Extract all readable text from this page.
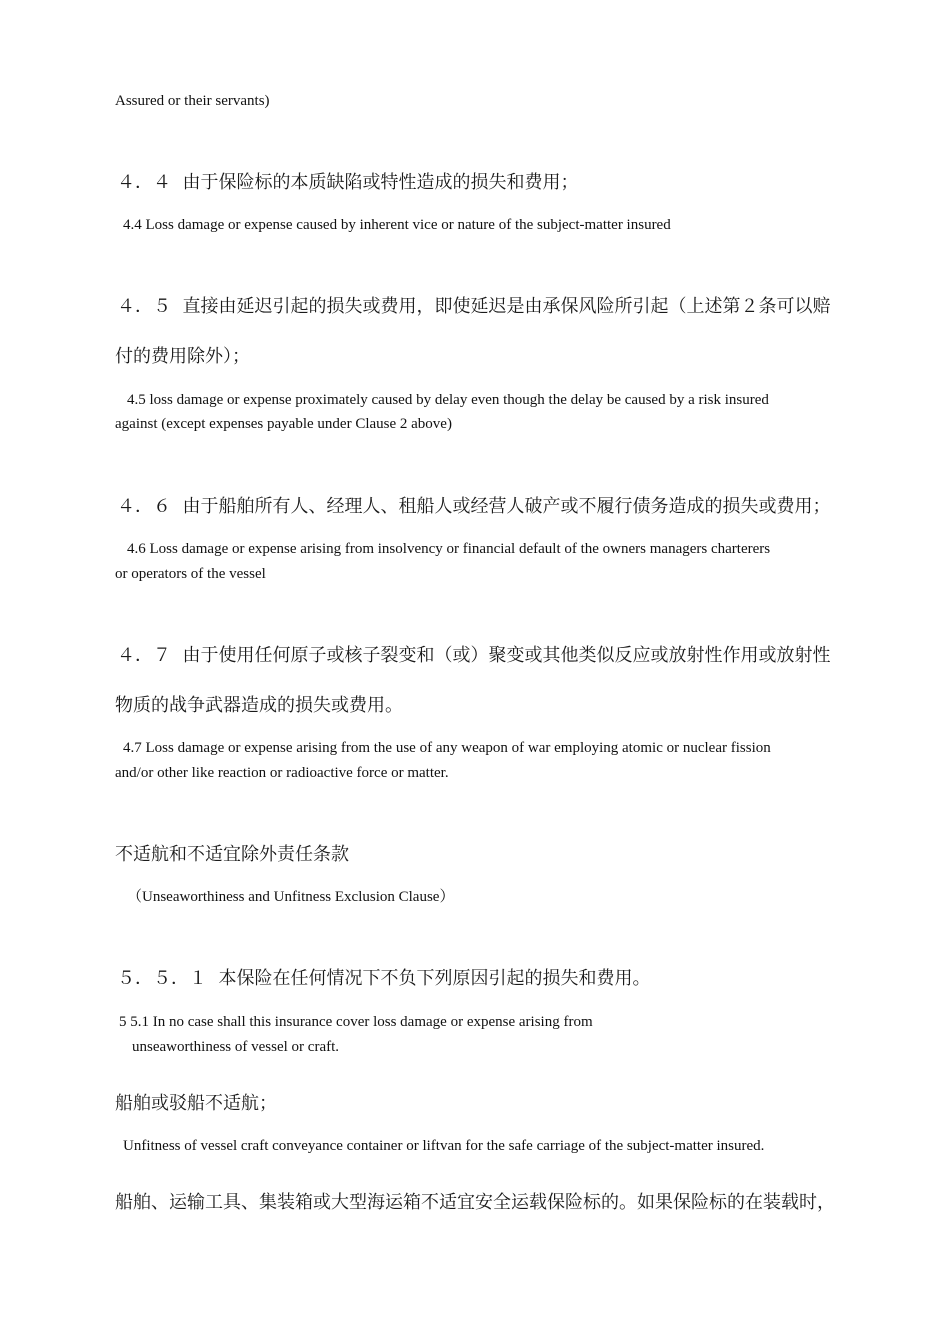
Assured or their servants)
４．４  由于保险标的本质缺陷或特性造成的损失和费用；
4.4 Loss damage or expense caused by inherent vice or nature of the subject-matter insured
４．５  直接由延迟引起的损失或费用，即使延迟是由承保风险所引起（上述第２条可以赔
付的费用除外）；
4.5 loss damage or expense proximately caused by delay even though the delay be caused by a risk insured
against (except expenses payable under Clause 2 above)
４．６  由于船舶所有人、经理人、租船人或经营人破产或不履行债务造成的损失或费用；
4.6 Loss damage or expense arising from insolvency or financial default of the owners managers charterers
or operators of the vessel
４．７  由于使用任何原子或核子裂变和（或）聚变或其他类似反应或放射性作用或放射性
物质的战争武器造成的损失或费用。
4.7 Loss damage or expense arising from the use of any weapon of war employing atomic or nuclear fission
and/or other like reaction or radioactive force or matter.
不适航和不适宜除外责任条款
（Unseaworthiness and Unfitness Exclusion Clause）
５．５．１  本保险在任何情况下不负下列原因引起的损失和费用。
5 5.1 In no case shall this insurance cover loss damage or expense arising from
unseaworthiness of vessel or craft.
船舶或驳船不适航；
Unfitness of vessel craft conveyance container or liftvan for the safe carriage of the subject-matter insured.
船舶、运输工具、集装箱或大型海运箱不适宜安全运载保险标的。如果保险标的在装载时，
